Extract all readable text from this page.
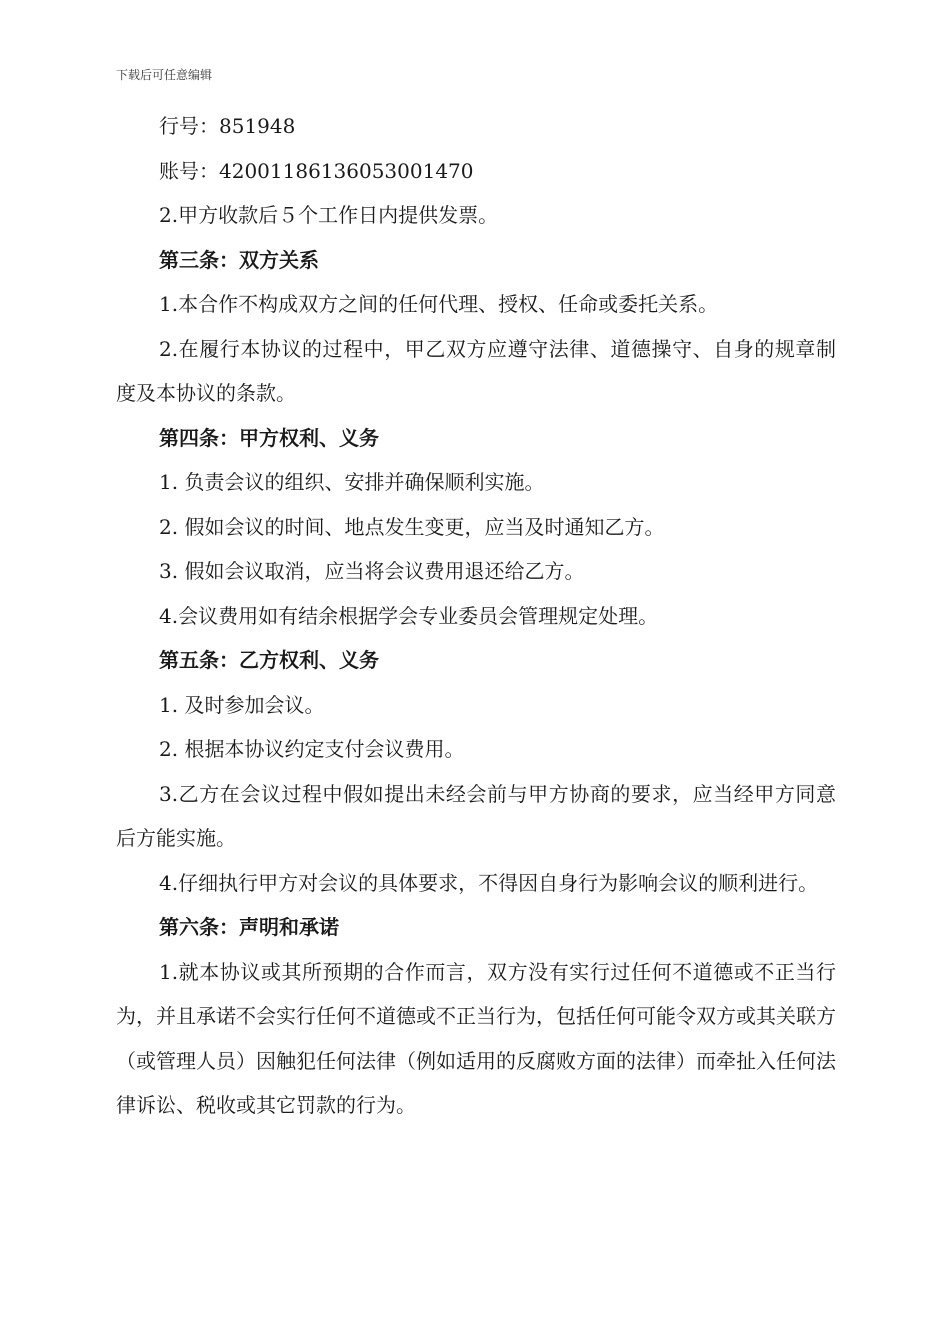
下载后可任意编辑
行号：851948
账号：42001186136053001470
2.甲方收款后５个工作日内提供发票。
第三条：双方关系
1.本合作不构成双方之间的任何代理、授权、任命或委托关系。
2.在履行本协议的过程中，甲乙双方应遵守法律、道德操守、自身的规章制度及本协议的条款。
第四条：甲方权利、义务
1. 负责会议的组织、安排并确保顺利实施。
2. 假如会议的时间、地点发生变更，应当及时通知乙方。
3. 假如会议取消，应当将会议费用退还给乙方。
4.会议费用如有结余根据学会专业委员会管理规定处理。
第五条：乙方权利、义务
1. 及时参加会议。
2. 根据本协议约定支付会议费用。
3.乙方在会议过程中假如提出未经会前与甲方协商的要求，应当经甲方同意后方能实施。
4.仔细执行甲方对会议的具体要求，不得因自身行为影响会议的顺利进行。
第六条：声明和承诺
1.就本协议或其所预期的合作而言，双方没有实行过任何不道德或不正当行为，并且承诺不会实行任何不道德或不正当行为，包括任何可能令双方或其关联方（或管理人员）因触犯任何法律（例如适用的反腐败方面的法律）而牵扯入任何法律诉讼、税收或其它罚款的行为。
